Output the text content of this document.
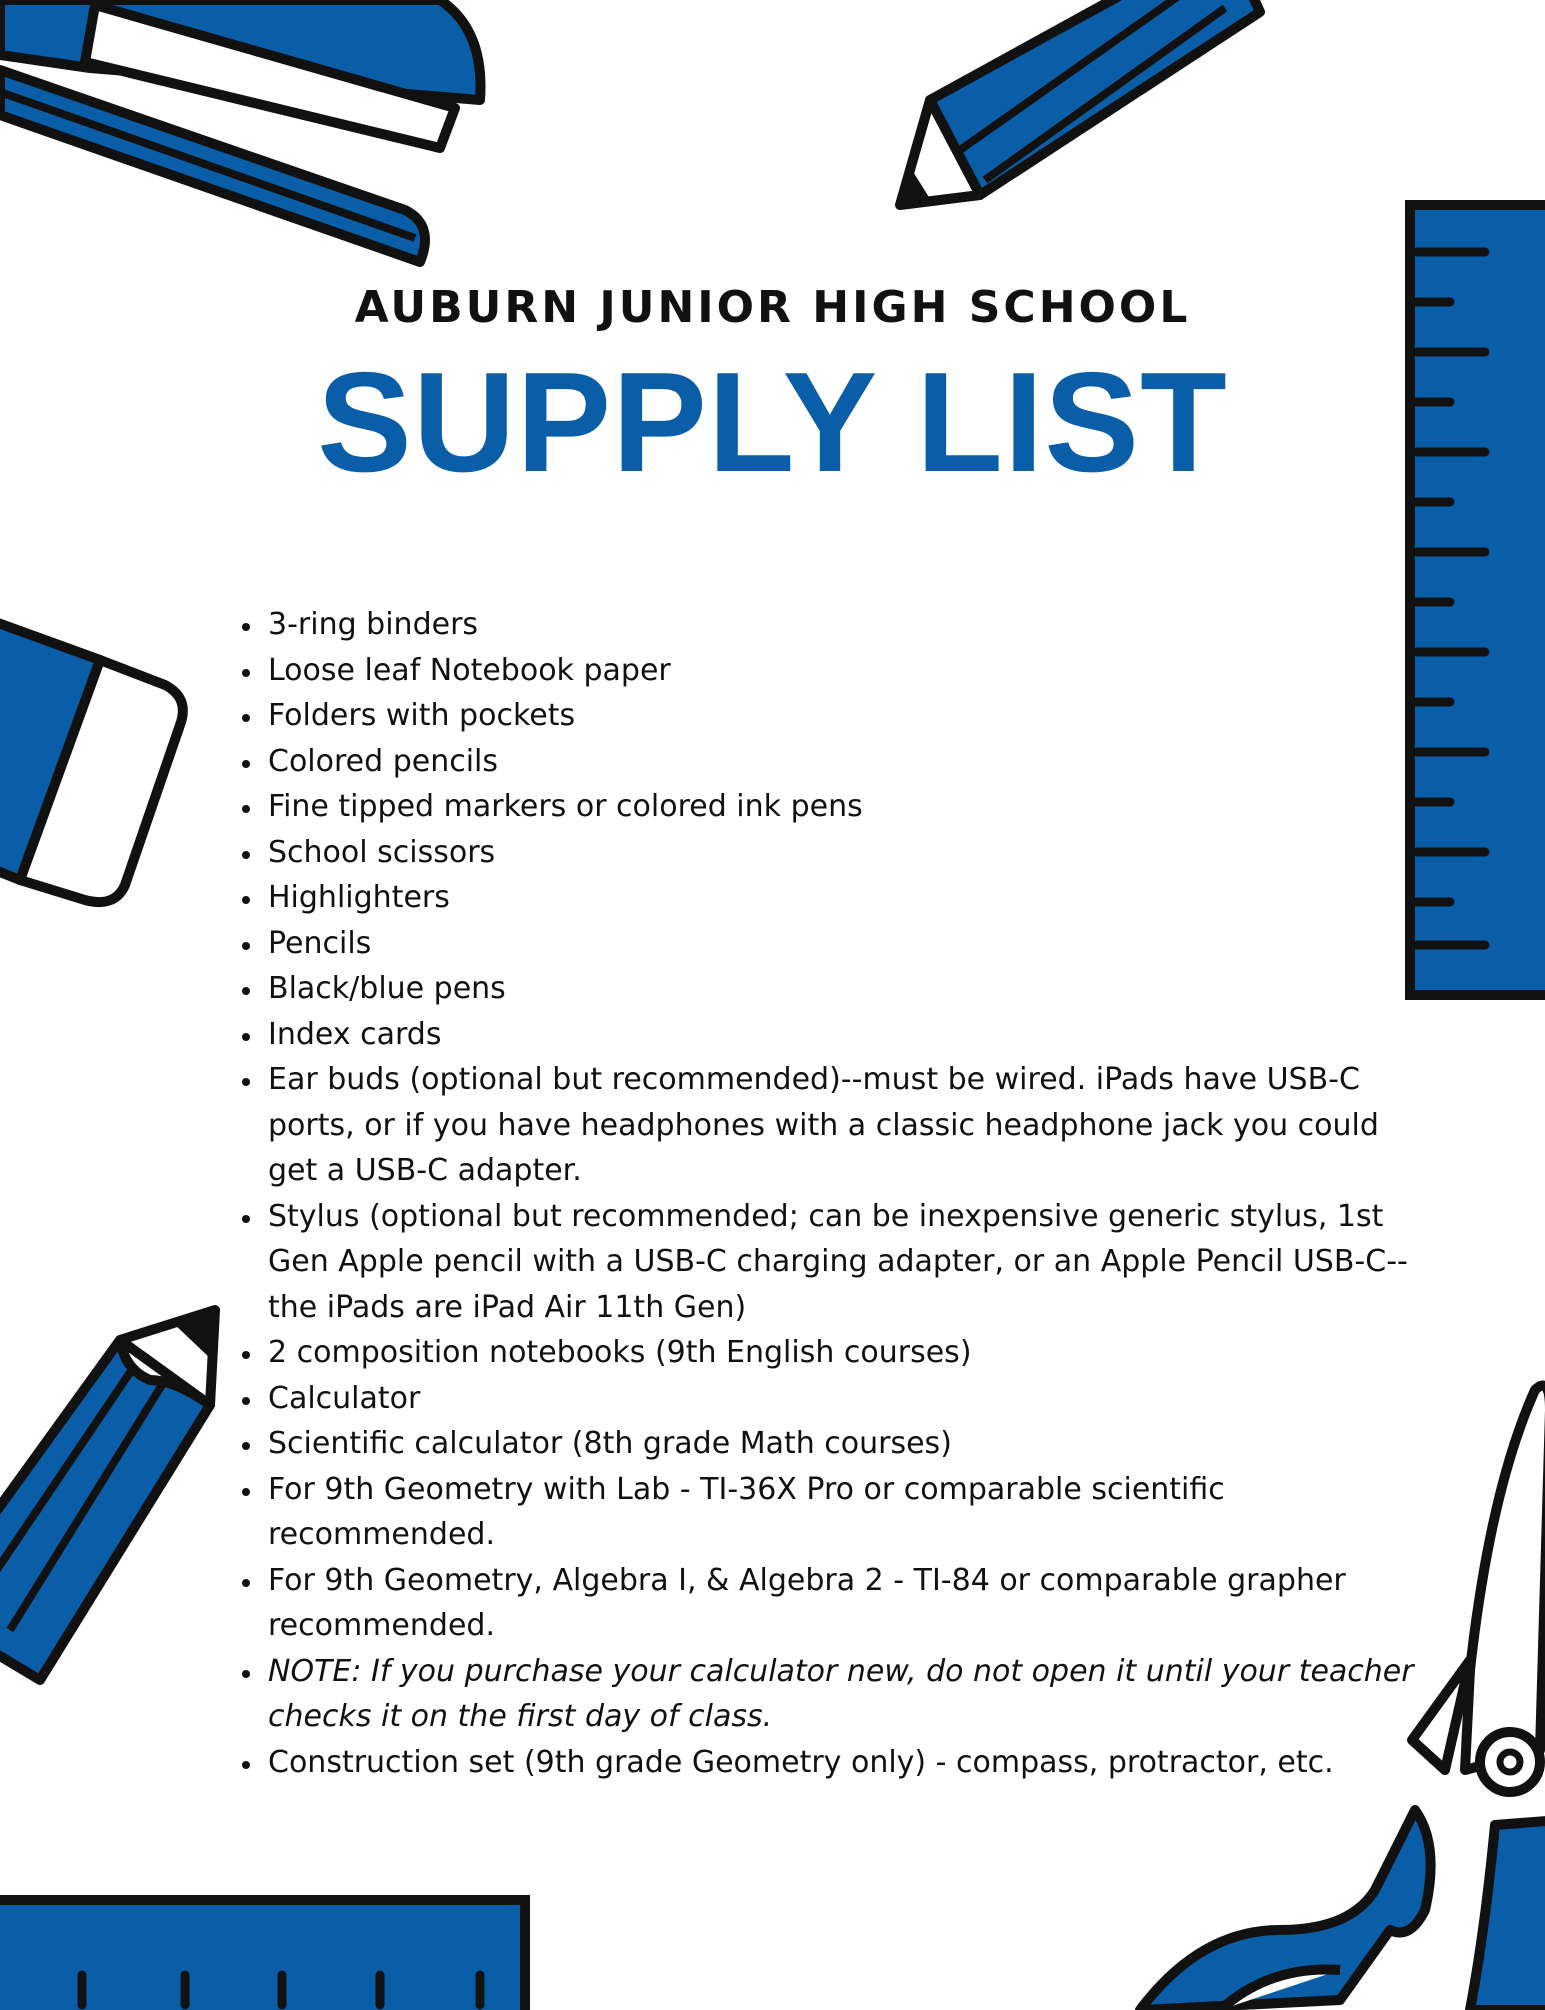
AUBURN JUNIOR HIGH SCHOOL
SUPPLY LIST
• 3-ring binders
• Loose leaf Notebook paper
• Folders with pockets
• Colored pencils
• Fine tipped markers or colored ink pens
• School scissors
• Highlighters
• Pencils
• Black/blue pens
• Index cards
• Ear buds (optional but recommended)--must be wired. iPads have USB-C ports, or if you have headphones with a classic headphone jack you could get a USB-C adapter.
• Stylus (optional but recommended; can be inexpensive generic stylus, 1st Gen Apple pencil with a USB-C charging adapter, or an Apple Pencil USB-C--the iPads are iPad Air 11th Gen)
• 2 composition notebooks (9th English courses)
• Calculator
• Scientific calculator (8th grade Math courses)
• For 9th Geometry with Lab - TI-36X Pro or comparable scientific recommended.
• For 9th Geometry, Algebra I, & Algebra 2 - TI-84 or comparable grapher recommended.
• NOTE: If you purchase your calculator new, do not open it until your teacher checks it on the first day of class.
• Construction set (9th grade Geometry only) - compass, protractor, etc.
